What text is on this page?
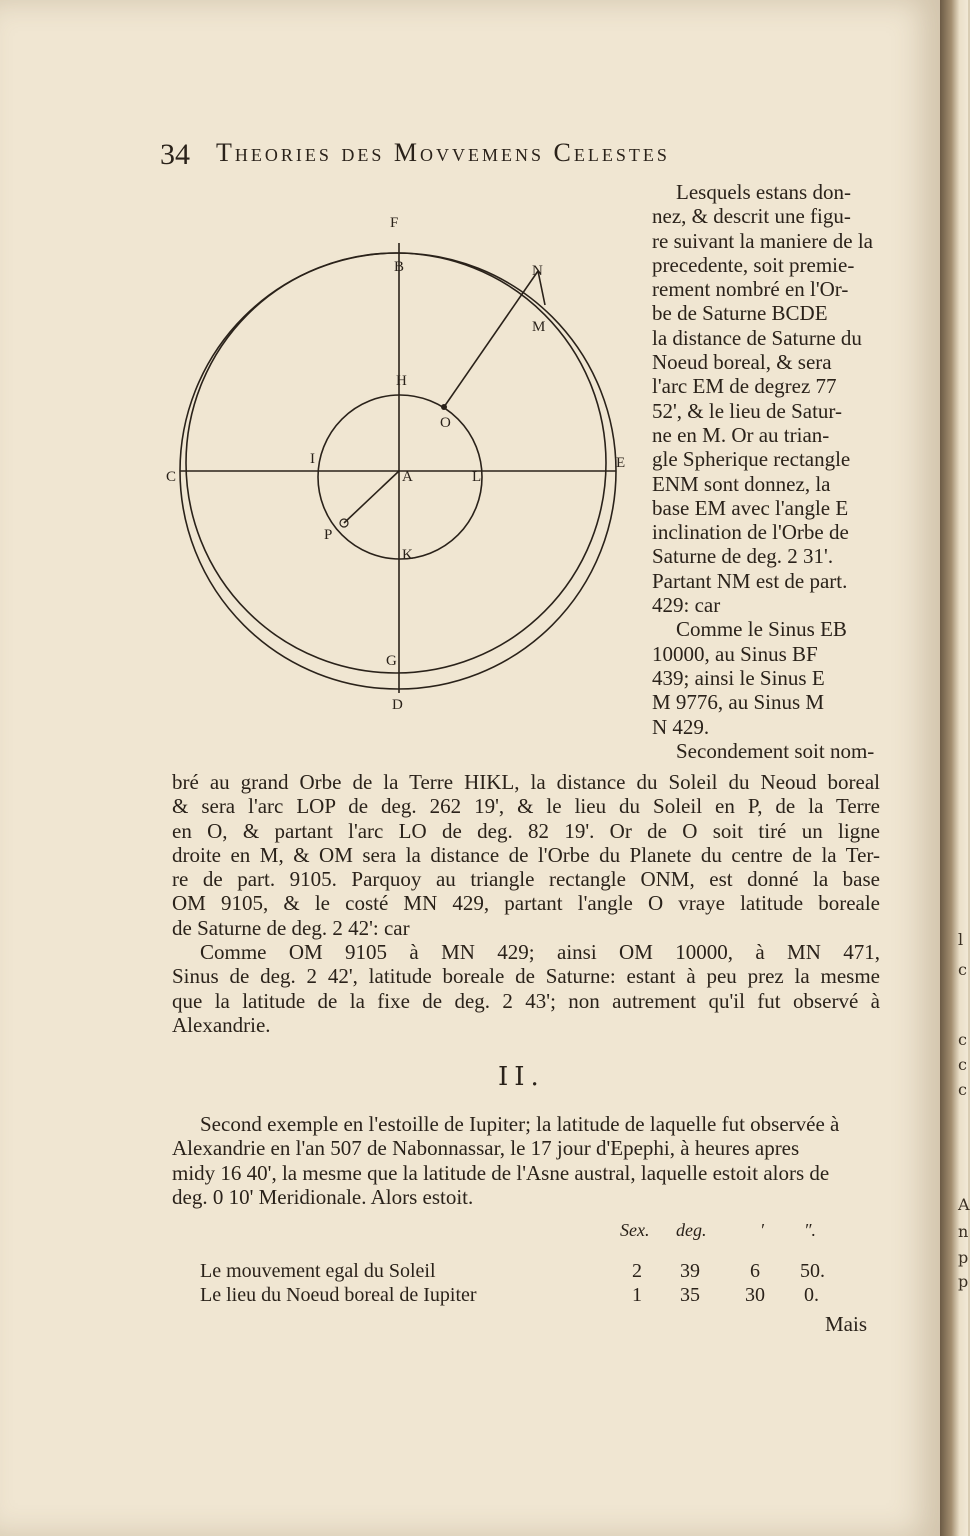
34 Theories des Movvemens Celestes
F
B	N
M
H
O
C
I
A	L
E
P
K
G
D
Lesquels estans don-
nez, & descrit une figu-
re suivant la maniere de la
precedente, soit premie-
rement nombré en l'Or-
be de Saturne BCDE
la distance de Saturne du
Noeud boreal, & sera
l'arc EM de degrez 77
52', & le lieu de Satur-
ne en M. Or au trian-
gle Spherique rectangle
ENM sont donnez, la
base EM avec l'angle E
inclination de l'Orbe de
Saturne de deg. 2 31'.
Partant NM est de part.
429: car
Comme le Sinus EB
10000, au Sinus BF
439; ainsi le Sinus E
M 9776, au Sinus M
N 429.
Secondement soit nom-
bré au grand Orbe de la Terre HIKL, la distance du Soleil du Neoud boreal
& sera l'arc LOP de deg. 262 19', & le lieu du Soleil en P, de la Terre
en O, & partant l'arc LO de deg. 82 19'. Or de O soit tiré un ligne
droite en M, & OM sera la distance de l'Orbe du Planete du centre de la Ter-
re de part. 9105. Parquoy au triangle rectangle ONM, est donné la base
OM 9105, & le costé MN 429, partant l'angle O vraye latitude boreale
de Saturne de deg. 2 42': car
Comme OM 9105 à MN 429; ainsi OM 10000, à MN 471,
Sinus de deg. 2 42', latitude boreale de Saturne: estant à peu prez la mesme
que la latitude de la fixe de deg. 2 43'; non autrement qu'il fut observé à
Alexandrie.
II.
Second exemple en l'estoille de Iupiter; la latitude de laquelle fut observée à
Alexandrie en l'an 507 de Nabonnassar, le 17 jour d'Epephi, à heures apres
midy 16 40', la mesme que la latitude de l'Asne austral, laquelle estoit alors de
deg. 0 10' Meridionale. Alors estoit.
Sex. deg.	′ ″.
Le mouvement egal du Soleil	2 39	6 50.
Le lieu du Noeud boreal de Iupiter	1 35 30 0.
Mais
l
c
c
c
c
A
n
p
p
